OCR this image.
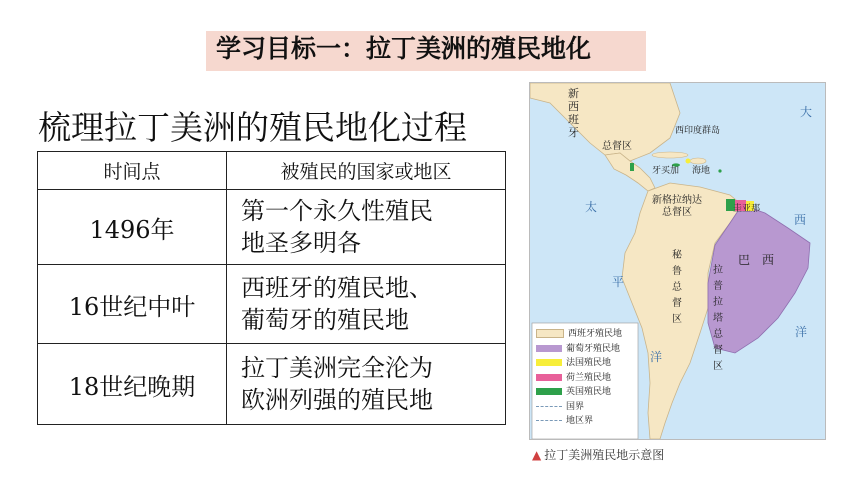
学习目标一：拉丁美洲的殖民地化
梳理拉丁美洲的殖民地化过程
时间点	被殖民的国家或地区
1496年	第一个永久性殖民
地圣多明各

16世纪中叶	西班牙的殖民地、
葡萄牙的殖民地

18世纪晚期	拉丁美洲完全沦为
欧洲列强的殖民地
新
西
班
牙
总督区
西印度群岛
牙买加 海地
新格拉纳达
总督区	圭亚那
巴　西
秘
鲁
总
督
区
拉
普
拉
塔
总
督
区
太
平
洋
大
西
洋
西班牙殖民地
葡萄牙殖民地
法国殖民地
荷兰殖民地
英国殖民地
国界
地区界
▲ 拉丁美洲殖民地示意图
